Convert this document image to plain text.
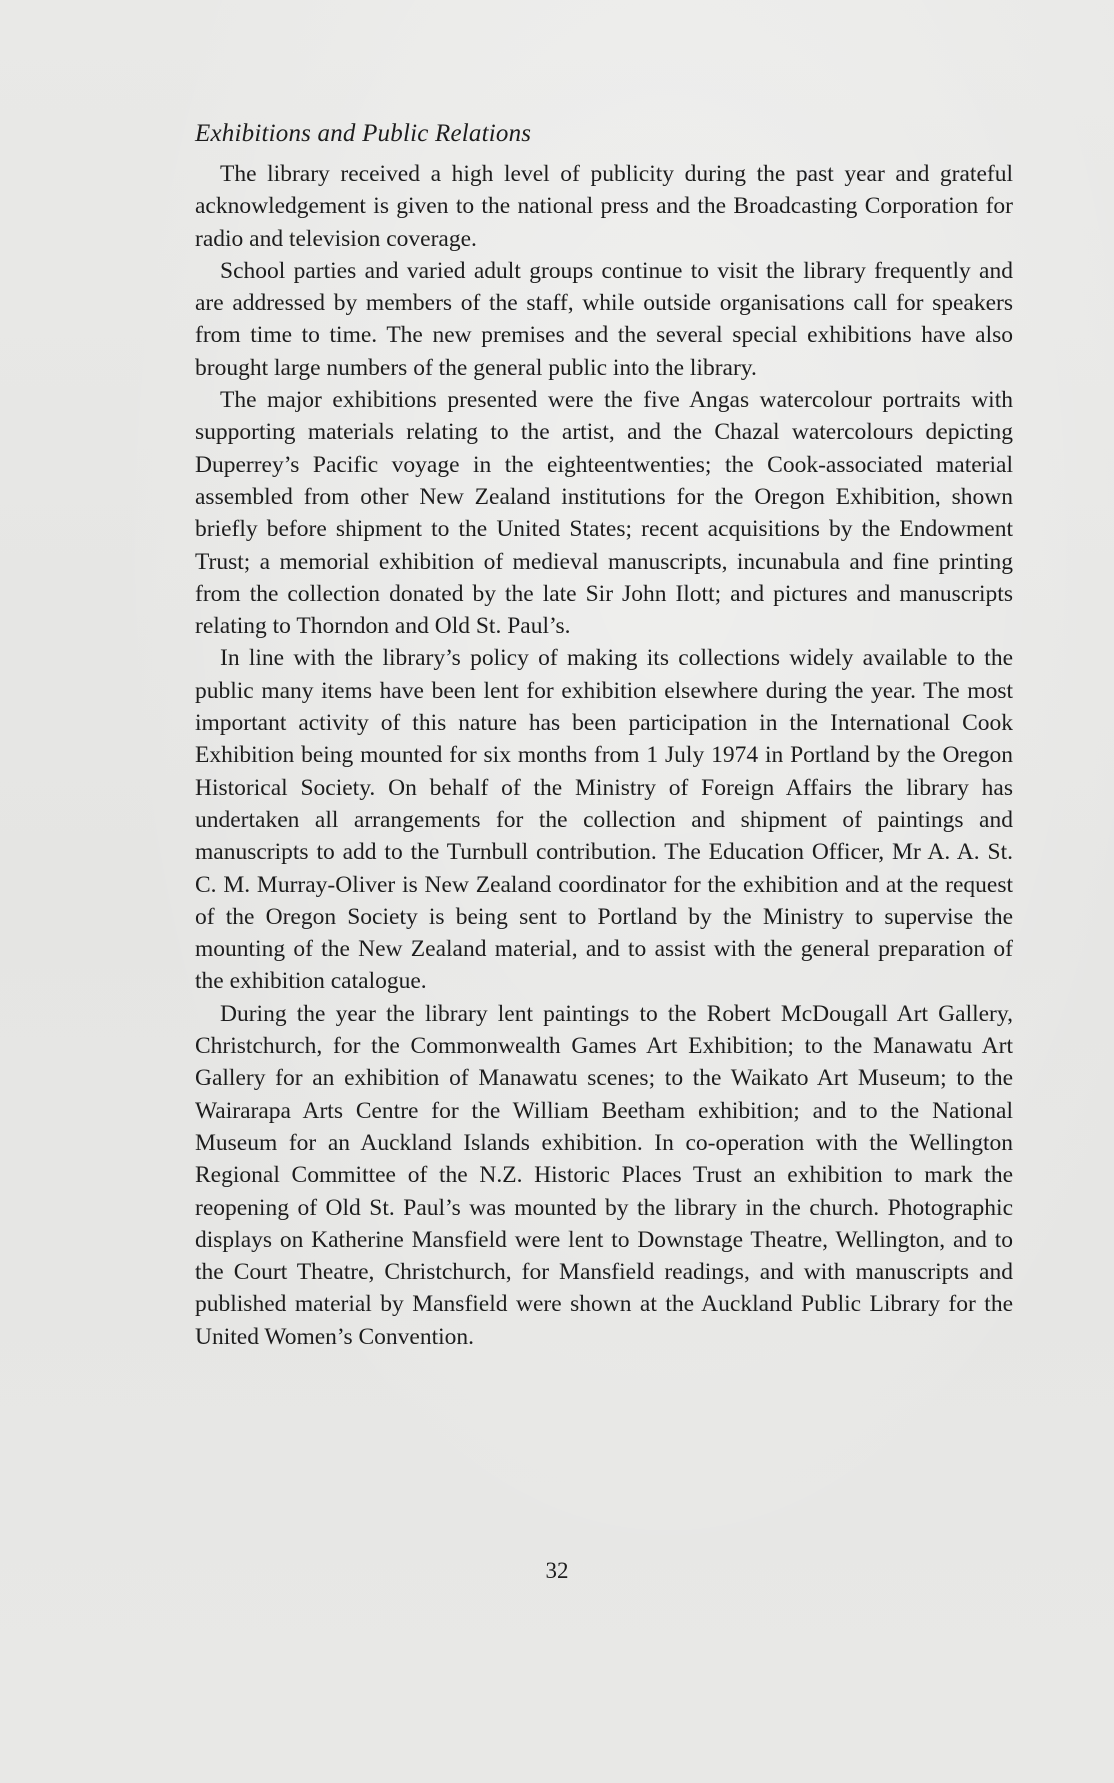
Exhibitions and Public Relations

The library received a high level of publicity during the past year and grateful acknowledgement is given to the national press and the Broadcasting Corporation for radio and television coverage.

School parties and varied adult groups continue to visit the library frequently and are addressed by members of the staff, while outside organisations call for speakers from time to time. The new premises and the several special exhibitions have also brought large numbers of the general public into the library.

The major exhibitions presented were the five Angas watercolour portraits with supporting materials relating to the artist, and the Chazal watercolours depicting Duperrey’s Pacific voyage in the eighteentwenties; the Cook-associated material assembled from other New Zealand institutions for the Oregon Exhibition, shown briefly before shipment to the United States; recent acquisitions by the Endowment Trust; a memorial exhibition of medieval manuscripts, incunabula and fine printing from the collection donated by the late Sir John Ilott; and pictures and manuscripts relating to Thorndon and Old St. Paul’s.

In line with the library’s policy of making its collections widely available to the public many items have been lent for exhibition elsewhere during the year. The most important activity of this nature has been participation in the International Cook Exhibition being mounted for six months from 1 July 1974 in Portland by the Oregon Historical Society. On behalf of the Ministry of Foreign Affairs the library has undertaken all arrangements for the collection and shipment of paintings and manuscripts to add to the Turnbull contribution. The Education Officer, Mr A. A. St. C. M. Murray-Oliver is New Zealand coordinator for the exhibition and at the request of the Oregon Society is being sent to Portland by the Ministry to supervise the mounting of the New Zealand material, and to assist with the general preparation of the exhibition catalogue.

During the year the library lent paintings to the Robert McDougall Art Gallery, Christchurch, for the Commonwealth Games Art Exhibition; to the Manawatu Art Gallery for an exhibition of Manawatu scenes; to the Waikato Art Museum; to the Wairarapa Arts Centre for the William Beetham exhibition; and to the National Museum for an Auckland Islands exhibition. In co-operation with the Wellington Regional Committee of the N.Z. Historic Places Trust an exhibition to mark the reopening of Old St. Paul’s was mounted by the library in the church. Photographic displays on Katherine Mansfield were lent to Downstage Theatre, Wellington, and to the Court Theatre, Christchurch, for Mansfield readings, and with manuscripts and published material by Mansfield were shown at the Auckland Public Library for the United Women’s Convention.

32
